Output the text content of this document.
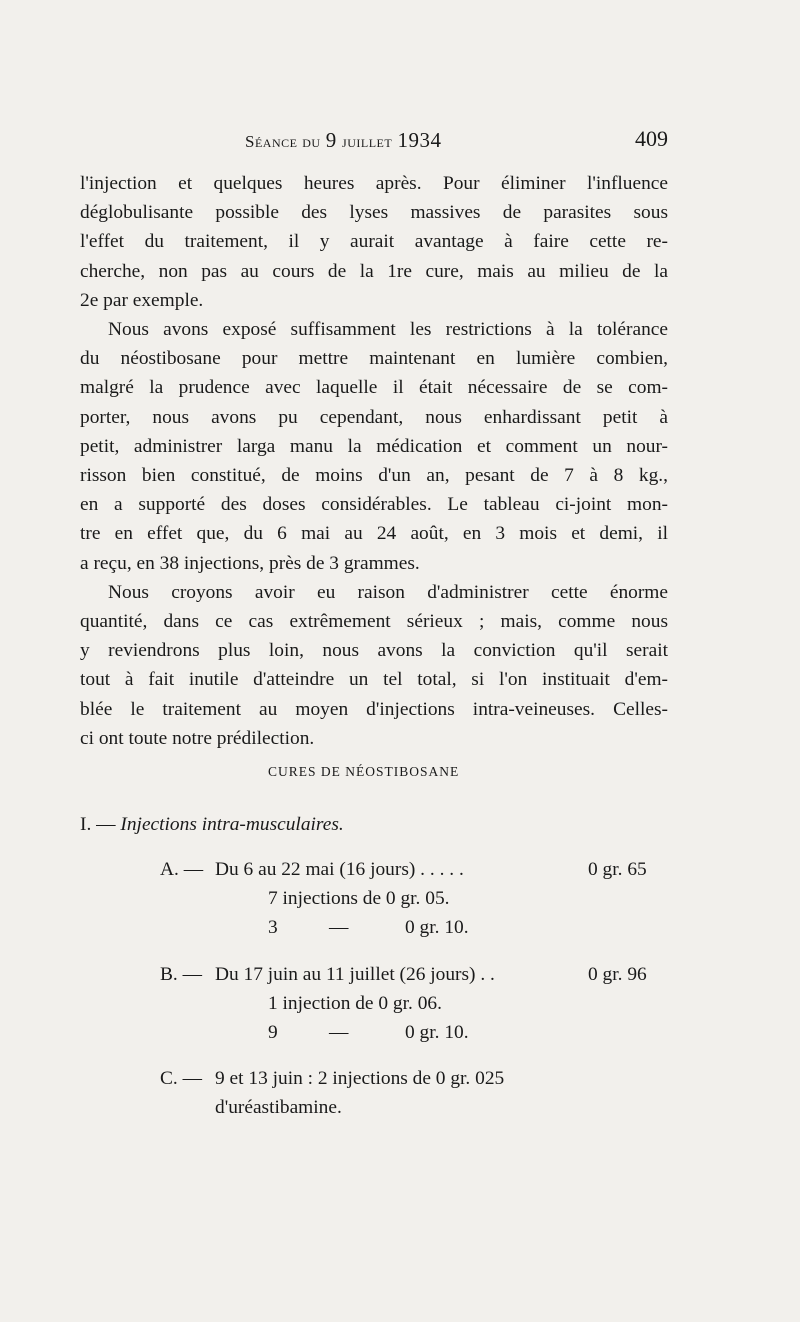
Séance du 9 juillet 1934	409
l'injection et quelques heures après. Pour éliminer l'influence
déglobulisante possible des lyses massives de parasites sous
l'effet du traitement, il y aurait avantage à faire cette re-
cherche, non pas au cours de la 1re cure, mais au milieu de la
2e par exemple.
Nous avons exposé suffisamment les restrictions à la tolérance
du néostibosane pour mettre maintenant en lumière combien,
malgré la prudence avec laquelle il était nécessaire de se com-
porter, nous avons pu cependant, nous enhardissant petit à
petit, administrer larga manu la médication et comment un nour-
risson bien constitué, de moins d'un an, pesant de 7 à 8 kg.,
en a supporté des doses considérables. Le tableau ci-joint mon-
tre en effet que, du 6 mai au 24 août, en 3 mois et demi, il
a reçu, en 38 injections, près de 3 grammes.
Nous croyons avoir eu raison d'administrer cette énorme
quantité, dans ce cas extrêmement sérieux ; mais, comme nous
y reviendrons plus loin, nous avons la conviction qu'il serait
tout à fait inutile d'atteindre un tel total, si l'on instituait d'em-
blée le traitement au moyen d'injections intra-veineuses. Celles-
ci ont toute notre prédilection.
CURES DE NÉOSTIBOSANE
I. — Injections intra-musculaires.
A. — Du 6 au 22 mai (16 jours) . . . . .	0 gr. 65
7 injections de 0 gr. 05.
3	—	0 gr. 10.
B. — Du 17 juin au 11 juillet (26 jours) . .	0 gr. 96
1 injection de 0 gr. 06.
9	—	0 gr. 10.
C. — 9 et 13 juin : 2 injections de 0 gr. 025
d'uréastibamine.
